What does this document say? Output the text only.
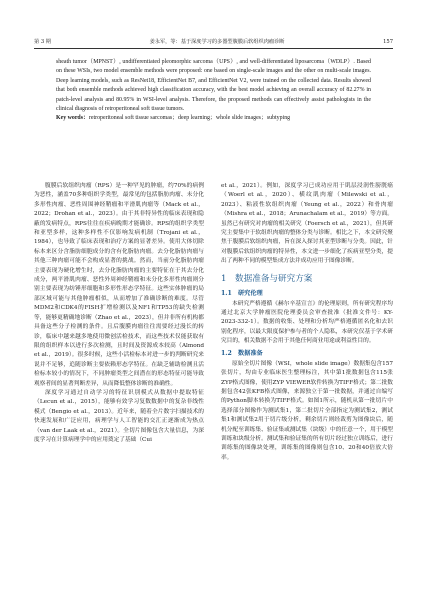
第 3 期	姜永军，等：基于深度学习的多器型腹膜后软组织肉瘤诊断	157

sheath tumor（MPNST）, undifferentiated pleomorphic sarcoma（UPS）, and well-differentiated liposarcoma（WDLP）. Based on these WSIs, two model ensemble methods were proposed: one based on single-scale images and the other on multi-scale images. Deep learning models, such as ResNet18, EfficientNet B7, and EfficientNet V2, were trained on the collected data. Results showed that both ensemble methods achieved high classification accuracy, with the best model achieving an overall accuracy of 82.27% in patch-level analysis and 80.95% in WSI-level analysis. Therefore, the proposed methods can effectively assist pathologists in the clinical diagnosis of retroperitoneal soft tissue tumors.

Key words：retroperitoneal soft tissue sarcomas；deep learning；whole slide images；subtyping

腹膜后软组织肉瘤（RPS）是一种罕见的肿瘤，约70%的病例为恶性，涵盖70多种组织学类型，最常见的包括脂肪肉瘤、未分化多形性肉瘤、恶性周围神经鞘瘤和平滑肌肉瘤等（Mack et al.，2022；Drohan et al.，2023）。由于其非特异性的临床表现和隐蔽的发病特点，RPS往往在疾病晚期才能确诊。RPS的组织学类型和亚型多样，这种多样性不仅影响发病机制（Trojani et al.，1984），也导致了临床表现和治疗方案的显著差异。使用大体切除标本来区分含脂肪细胞成分的含有化脂肪肉瘤。去分化脂肪肉瘤与其他三种肉瘤可能不会构成显著的挑战。然而，当前分化脂肪肉瘤主要表现为硬化增生时，去分化脂肪肉瘤的主要特征在于其去分化成分，两平滑肌肉瘤、恶性外周神经鞘瘤和未分化多形性肉瘤则分别主要表现为纺锤形细胞和多形性形态学特征。这些实体肿瘤的局部区域可能与其他肿瘤相似，从而增加了准确诊断的难度。尽管MDM2和CDK4的FISH扩增检测以及NF1和TP53的缺失检测等，能够更精确地诊断（Zhao et al.，2023），但并非所有机构都具备这些分子检测的条件。且后腹膜肉瘤往往需要经过漫长的转诊，临床中越来越多地使用微创活检技术，而这些技术仅能获取有限的组织样本以进行多次检测，且时间及资源成本较高（Almond et al.，2019）。很多时候，这些小活检标本对进一步的判断研究来说并不足够，追随诊断主要依赖形态学特征。在缺乏辅助检测且活检标本较小的情况下，不同肿瘤类型之间潜在的形态特征可能导致观察者间的显著判断差异，从而降低整体诊断的准确性。

深度学习通过自动学习的特征识别模式从数据中提取特征（Lecun et al.，2015），能够有效学习复数数据中的复杂非线性模式（Bengio et al.，2013）。近年来，随着全片数字扫描技术的快速发展和广泛应用，病理学与人工智能的交汇正逐渐成为热点（van der Laak et al.，2021）。全切片图像包含大量信息，为深度学习在计算病理学中的应用奠定了基础（Cui

et al.，2021）。例如，深度学习已成功应用于肌层浸润性膀胱癌（Woerl et al.，2020）、横纹肌肉瘤（Milewski et al.，2023）、粘液性软组织肉瘤（Yeung et al.，2022）和骨肉瘤（Mishra et al.，2018；Arunachalam et al.，2019）等方面。虽然已有研究对肉瘤的相关研究（Foersch et al.，2021），但其研究主要集中于软组织肉瘤的整体分类与诊断。相比之下，本文研究聚焦于腹膜后软组织肉瘤，旨在深入探讨其亚型诊断与分类。因此，针对腹膜后软组织肉瘤的特异性，本文进一步细化了疾病亚型分类，提出了两种不同的模型集成方法并成功应用于图像诊断。

1　数据准备与研究方案
1.1　研究伦理

本研究严格遵循《赫尔辛基宣言》的伦理原则，所有研究程序均通过北京大学肿瘤医院伦理委员会审查批准（批准文件号：KY-2023-332-1）。数据的收集、处理和分析均严格遵循匿名化和去识别化程序，以最大限度保护参与者的个人隐私，本研究仅基于学术研究目的，相关数据不会用于其他任何商业用途或利益性目的。

1.2　数据准备

原始全切片图像（WSI，whole slide image）数据集包含157张切片，均由专业临床医生整理标注，其中第1批数据包含115张ZYP格式图像，使用ZYP VIEWER软件转换为TIFF格式；第二批数据包含42张KFB格式图像，来源独立于第一批数据，并通过自编写的Python脚本转换为TIFF格式。如图1所示，随机从第一批切片中选择部分图像作为测试集1，第二批切片全部指定为测试集2，测试集1和测试集2用于切片级分析，剩余切片则经裁剪为图像块后，随机分配至训练集、验证集或测试集（块级）中的任意一个，用于模型训练和块级分析。测试集和验证集的所有切片经过独立训练后，进行训练集的图像块处理，训练集的图像则包含10、20和40倍放大倍率。
